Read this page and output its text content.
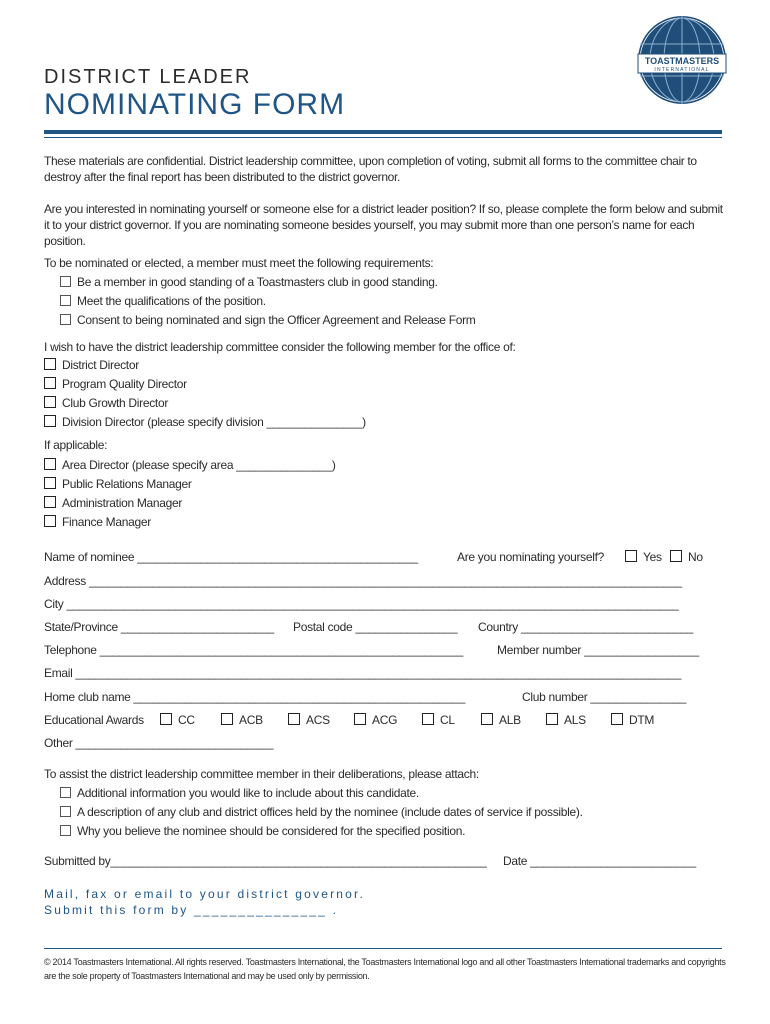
DISTRICT LEADER
NOMINATING FORM
TOASTMASTERS
INTERNATIONAL
These materials are confidential. District leadership committee, upon completion of voting, submit all forms to the committee chair to destroy after the final report has been distributed to the district governor.
Are you interested in nominating yourself or someone else for a district leader position? If so, please complete the form below and submit it to your district governor. If you are nominating someone besides yourself, you may submit more than one person’s name for each position.
To be nominated or elected, a member must meet the following requirements:
Be a member in good standing of a Toastmasters club in good standing.
Meet the qualifications of the position.
Consent to being nominated and sign the Officer Agreement and Release Form
I wish to have the district leadership committee consider the following member for the office of:
District Director
Program Quality Director
Club Growth Director
Division Director (please specify division _______________)
If applicable:
Area Director (please specify area _______________)
Public Relations Manager
Administration Manager
Finance Manager
Name of nominee ____________________________________________	Are you nominating yourself?	Yes	No
Address _____________________________________________________________________________________________
City ________________________________________________________________________________________________
State/Province ________________________ Postal code ________________ Country ___________________________
Telephone _________________________________________________________	Member number __________________
Email _______________________________________________________________________________________________
Home club name ____________________________________________________	Club number _______________
Educational Awards	CC	ACB	ACS	ACG	CL	ALB	ALS	DTM
Other _______________________________
To assist the district leadership committee member in their deliberations, please attach:
Additional information you would like to include about this candidate.
A description of any club and district offices held by the nominee (include dates of service if possible).
Why you believe the nominee should be considered for the specified position.
Submitted by___________________________________________________________ Date __________________________
Mail, fax or email to your district governor.
Submit this form by _______________ .
© 2014 Toastmasters International. All rights reserved. Toastmasters International, the Toastmasters International logo and all other Toastmasters International trademarks and copyrights are the sole property of Toastmasters International and may be used only by permission.
